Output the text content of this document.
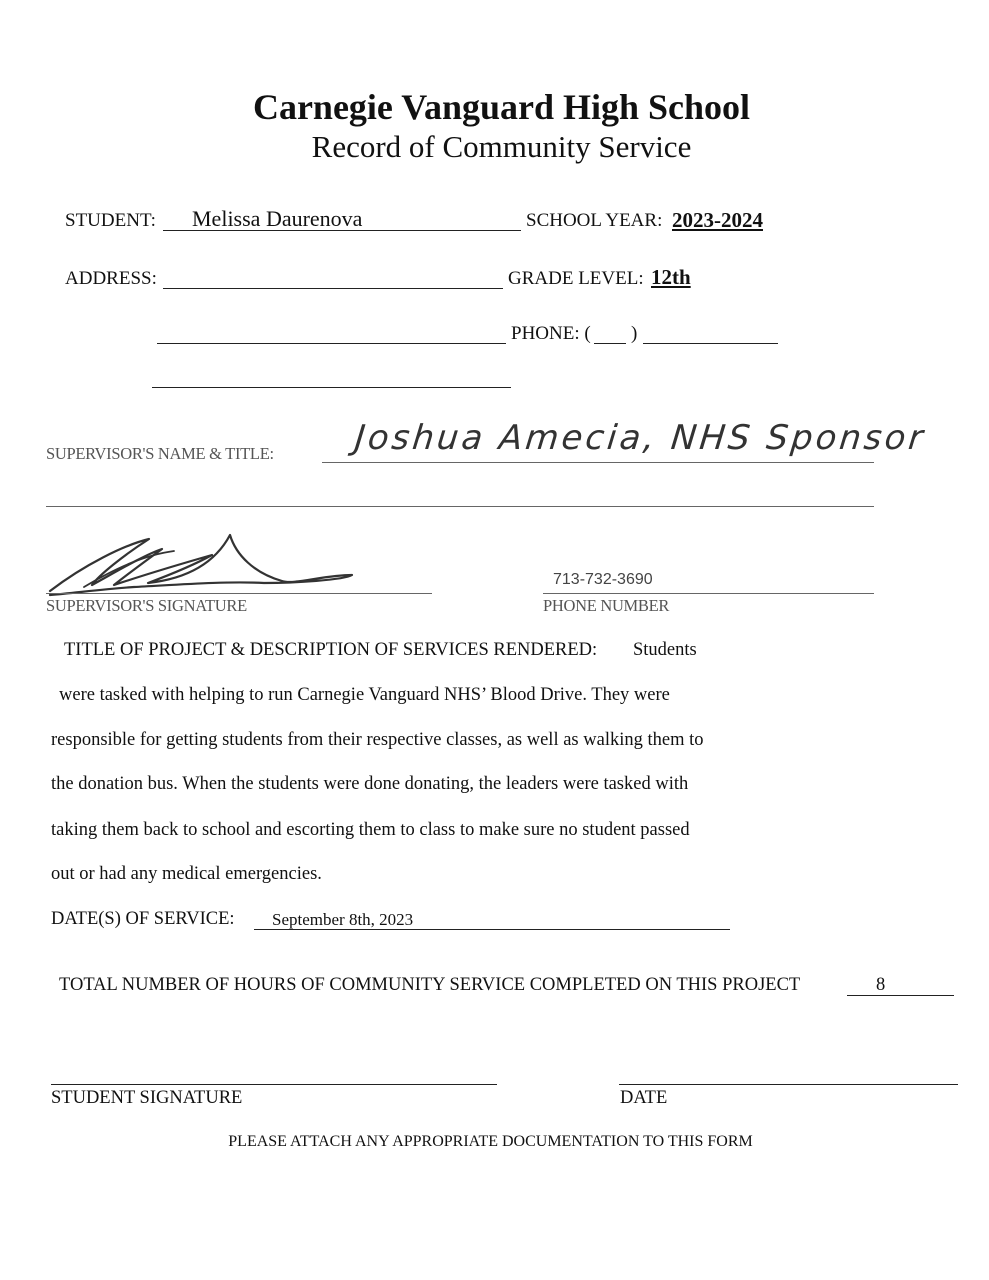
Carnegie Vanguard High School
Record of Community Service
STUDENT: Melissa Daurenova	SCHOOL YEAR: 2023-2024
ADDRESS:	GRADE LEVEL: 12th
PHONE: ( )
SUPERVISOR'S NAME & TITLE: Joshua Amecia, NHS Sponsor
SUPERVISOR'S SIGNATURE
713-732-3690
PHONE NUMBER
TITLE OF PROJECT & DESCRIPTION OF SERVICES RENDERED: Students
were tasked with helping to run Carnegie Vanguard NHS’ Blood Drive. They were
responsible for getting students from their respective classes, as well as walking them to
the donation bus. When the students were done donating, the leaders were tasked with
taking them back to school and escorting them to class to make sure no student passed
out or had any medical emergencies.
DATE(S) OF SERVICE: September 8th, 2023
TOTAL NUMBER OF HOURS OF COMMUNITY SERVICE COMPLETED ON THIS PROJECT	8
STUDENT SIGNATURE	DATE
PLEASE ATTACH ANY APPROPRIATE DOCUMENTATION TO THIS FORM
